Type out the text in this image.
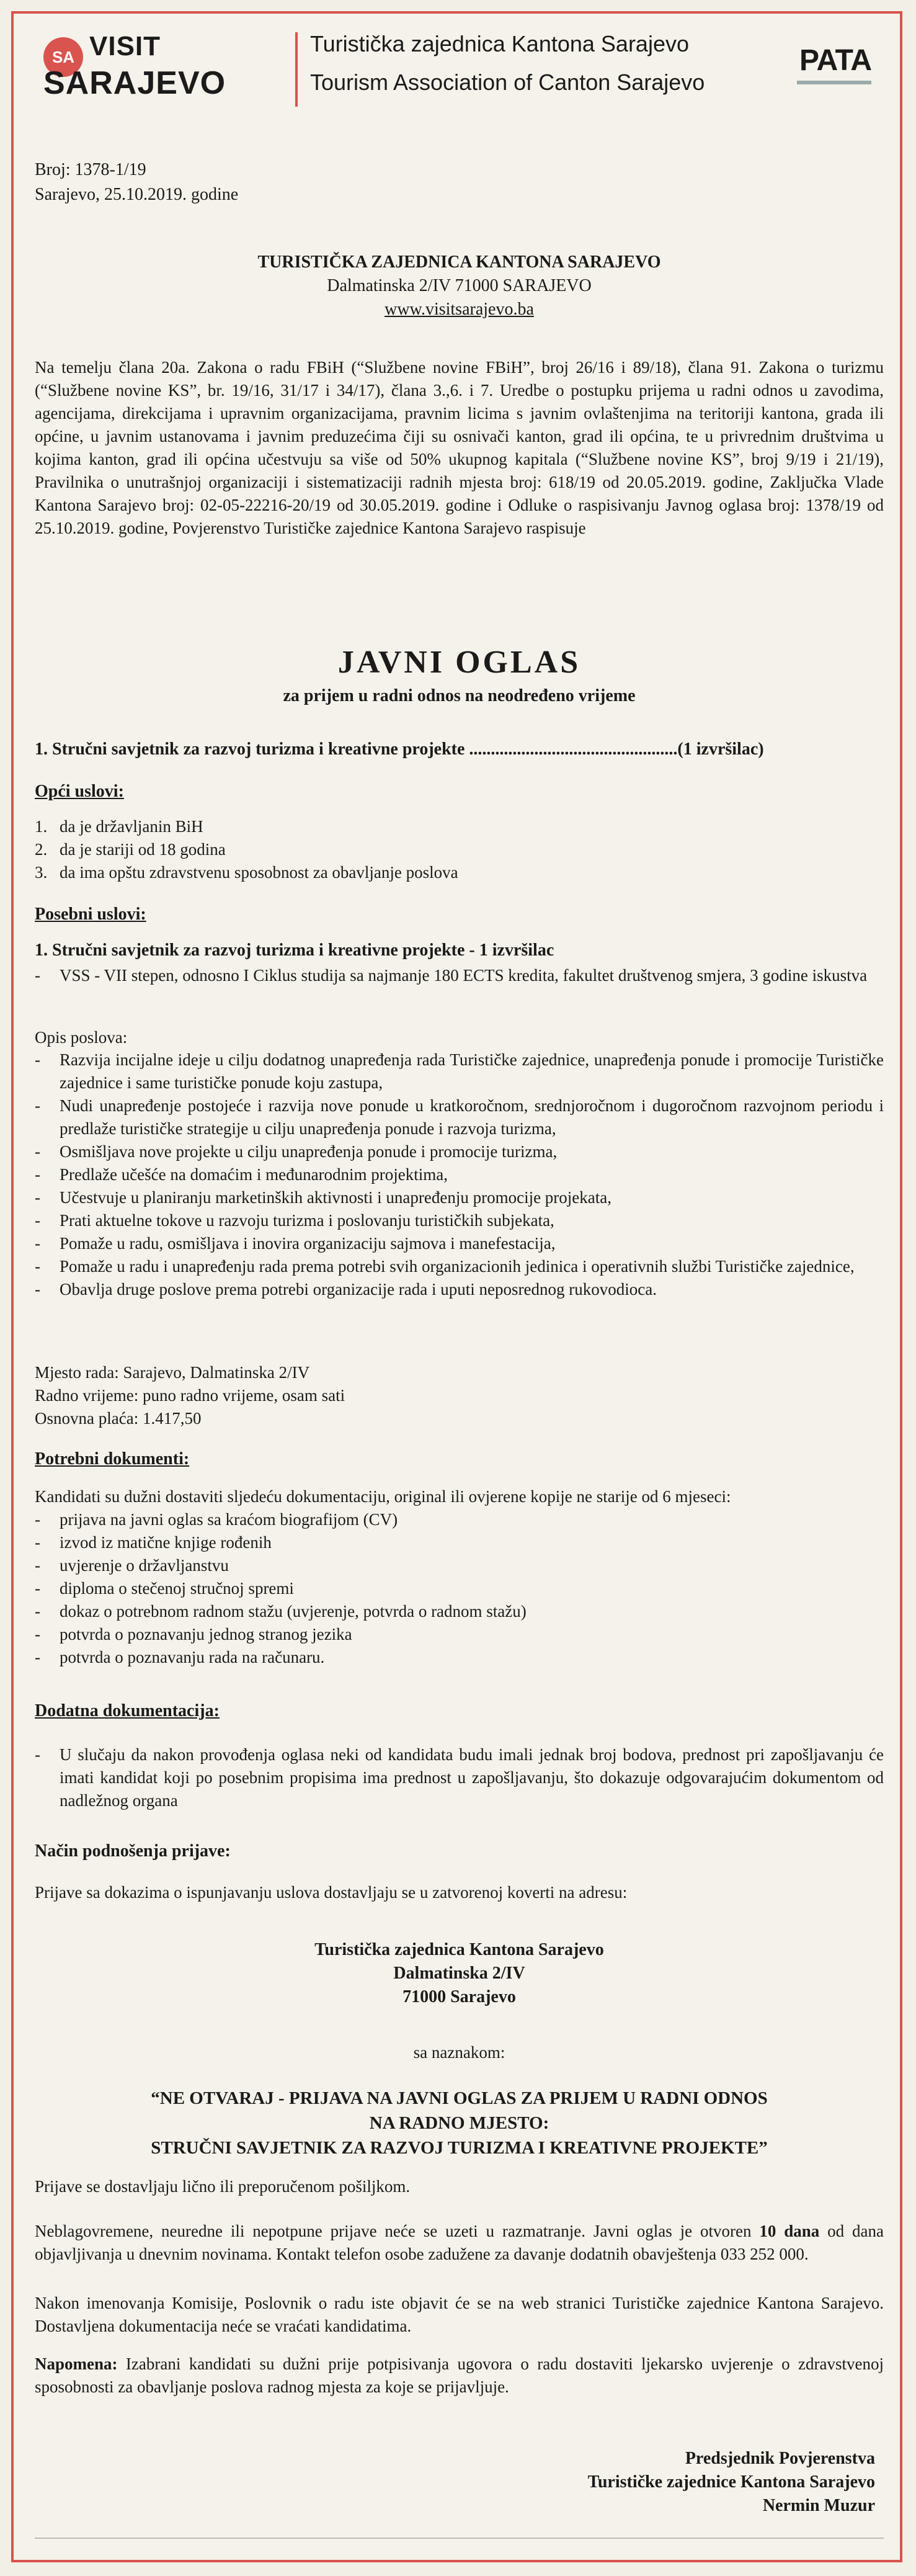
SA VISIT
SARAJEVO
Turistička zajednica Kantona Sarajevo
Tourism Association of Canton Sarajevo
PATA
Broj: 1378-1/19
Sarajevo, 25.10.2019. godine
TURISTIČKA ZAJEDNICA KANTONA SARAJEVO
Dalmatinska 2/IV 71000 SARAJEVO
www.visitsarajevo.ba
Na temelju člana 20a. Zakona o radu FBiH (“Službene novine FBiH”, broj 26/16 i 89/18), člana 91. Zakona o turizmu (“Službene novine KS”, br. 19/16, 31/17 i 34/17), člana 3.,6. i 7. Uredbe o postupku prijema u radni odnos u zavodima, agencijama, direkcijama i upravnim organizacijama, pravnim licima s javnim ovlaštenjima na teritoriji kantona, grada ili općine, u javnim ustanovama i javnim preduzećima čiji su osnivači kanton, grad ili općina, te u privrednim društvima u kojima kanton, grad ili općina učestvuju sa više od 50% ukupnog kapitala (“Službene novine KS”, broj 9/19 i 21/19), Pravilnika o unutrašnjoj organizaciji i sistematizaciji radnih mjesta broj: 618/19 od 20.05.2019. godine, Zaključka Vlade Kantona Sarajevo broj: 02-05-22216-20/19 od 30.05.2019. godine i Odluke o raspisivanju Javnog oglasa broj: 1378/19 od 25.10.2019. godine, Povjerenstvo Turističke zajednice Kantona Sarajevo raspisuje
JAVNI OGLAS
za prijem u radni odnos na neodređeno vrijeme
1. Stručni savjetnik za razvoj turizma i kreativne projekte ................................................(1 izvršilac)
Opći uslovi:
1. da je državljanin BiH
2. da je stariji od 18 godina
3. da ima opštu zdravstvenu sposobnost za obavljanje poslova
Posebni uslovi:
1. Stručni savjetnik za razvoj turizma i kreativne projekte - 1 izvršilac
- VSS - VII stepen, odnosno I Ciklus studija sa najmanje 180 ECTS kredita, fakultet društvenog smjera, 3 godine iskustva
Opis poslova:
- Razvija incijalne ideje u cilju dodatnog unapređenja rada Turističke zajednice, unapređenja ponude i promocije Turističke zajednice i same turističke ponude koju zastupa,
- Nudi unapređenje postojeće i razvija nove ponude u kratkoročnom, srednjoročnom i dugoročnom razvojnom periodu i predlaže turističke strategije u cilju unapređenja ponude i razvoja turizma,
- Osmišljava nove projekte u cilju unapređenja ponude i promocije turizma,
- Predlaže učešće na domaćim i međunarodnim projektima,
- Učestvuje u planiranju marketinških aktivnosti i unapređenju promocije projekata,
- Prati aktuelne tokove u razvoju turizma i poslovanju turističkih subjekata,
- Pomaže u radu, osmišljava i inovira organizaciju sajmova i manefestacija,
- Pomaže u radu i unapređenju rada prema potrebi svih organizacionih jedinica i operativnih službi Turističke zajednice,
- Obavlja druge poslove prema potrebi organizacije rada i uputi neposrednog rukovodioca.
Mjesto rada: Sarajevo, Dalmatinska 2/IV
Radno vrijeme: puno radno vrijeme, osam sati
Osnovna plaća: 1.417,50
Potrebni dokumenti:
Kandidati su dužni dostaviti sljedeću dokumentaciju, original ili ovjerene kopije ne starije od 6 mjeseci:
- prijava na javni oglas sa kraćom biografijom (CV)
- izvod iz matične knjige rođenih
- uvjerenje o državljanstvu
- diploma o stečenoj stručnoj spremi
- dokaz o potrebnom radnom stažu (uvjerenje, potvrda o radnom stažu)
- potvrda o poznavanju jednog stranog jezika
- potvrda o poznavanju rada na računaru.
Dodatna dokumentacija:
- U slučaju da nakon provođenja oglasa neki od kandidata budu imali jednak broj bodova, prednost pri zapošljavanju će imati kandidat koji po posebnim propisima ima prednost u zapošljavanju, što dokazuje odgovarajućim dokumentom od nadležnog organa
Način podnošenja prijave:
Prijave sa dokazima o ispunjavanju uslova dostavljaju se u zatvorenoj koverti na adresu:
Turistička zajednica Kantona Sarajevo
Dalmatinska 2/IV
71000 Sarajevo
sa naznakom:
“NE OTVARAJ - PRIJAVA NA JAVNI OGLAS ZA PRIJEM U RADNI ODNOS
NA RADNO MJESTO:
STRUČNI SAVJETNIK ZA RAZVOJ TURIZMA I KREATIVNE PROJEKTE”
Prijave se dostavljaju lično ili preporučenom pošiljkom.
Neblagovremene, neuredne ili nepotpune prijave neće se uzeti u razmatranje. Javni oglas je otvoren 10 dana od dana objavljivanja u dnevnim novinama. Kontakt telefon osobe zadužene za davanje dodatnih obavještenja 033 252 000.
Nakon imenovanja Komisije, Poslovnik o radu iste objavit će se na web stranici Turističke zajednice Kantona Sarajevo. Dostavljena dokumentacija neće se vraćati kandidatima.
Napomena: Izabrani kandidati su dužni prije potpisivanja ugovora o radu dostaviti ljekarsko uvjerenje o zdravstvenoj sposobnosti za obavljanje poslova radnog mjesta za koje se prijavljuje.
Predsjednik Povjerenstva
Turističke zajednice Kantona Sarajevo
Nermin Muzur
